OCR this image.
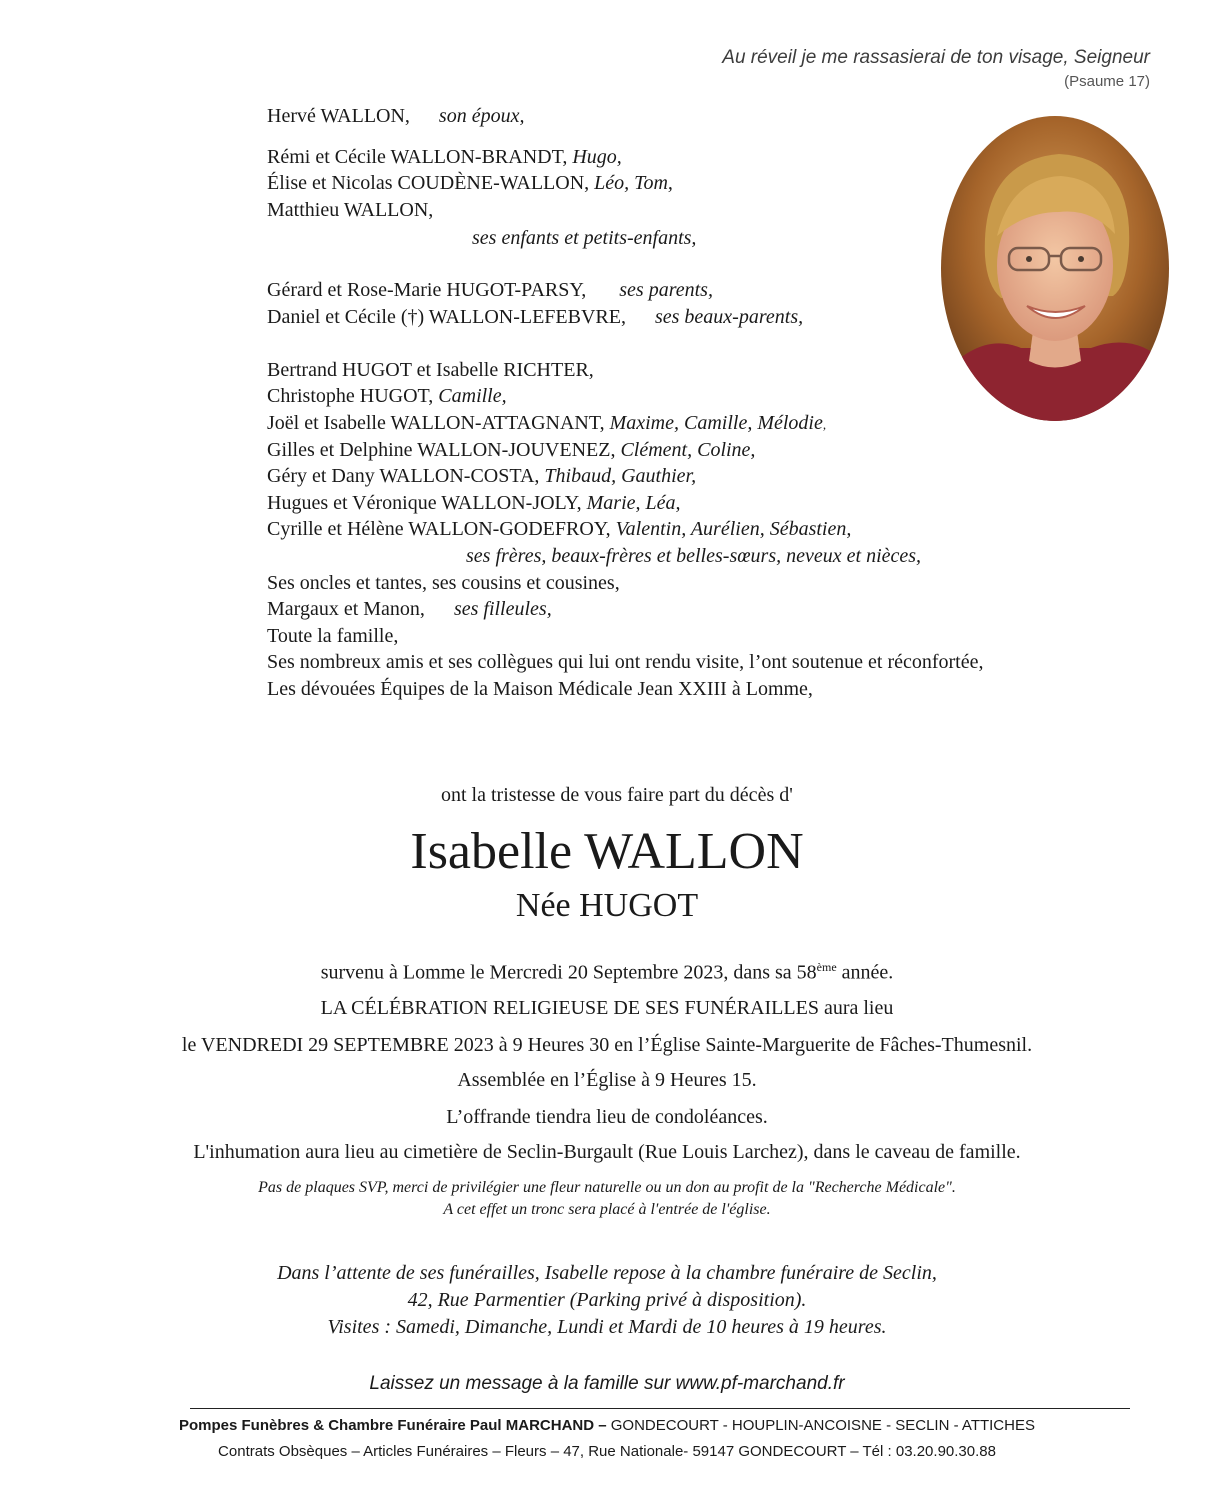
Au réveil je me rassasierai de ton visage, Seigneur
(Psaume 17)
Hervé WALLON, son époux,
Rémi et Cécile WALLON-BRANDT, Hugo,
Élise et Nicolas COUDÈNE-WALLON, Léo, Tom,
Matthieu WALLON,
ses enfants et petits-enfants,
Gérard et Rose-Marie HUGOT-PARSY, ses parents,
Daniel et Cécile (†) WALLON-LEFEBVRE, ses beaux-parents,
Bertrand HUGOT et Isabelle RICHTER,
Christophe HUGOT, Camille,
Joël et Isabelle WALLON-ATTAGNANT, Maxime, Camille, Mélodie,
Gilles et Delphine WALLON-JOUVENEZ, Clément, Coline,
Géry et Dany WALLON-COSTA, Thibaud, Gauthier,
Hugues et Véronique WALLON-JOLY, Marie, Léa,
Cyrille et Hélène WALLON-GODEFROY, Valentin, Aurélien, Sébastien,
ses frères, beaux-frères et belles-sœurs, neveux et nièces,
Ses oncles et tantes, ses cousins et cousines,
Margaux et Manon, ses filleules,
Toute la famille,
Ses nombreux amis et ses collègues qui lui ont rendu visite, l’ont soutenue et réconfortée,
Les dévouées Équipes de la Maison Médicale Jean XXIII à Lomme,
ont la tristesse de vous faire part du décès d'
Isabelle WALLON
Née HUGOT
survenu à Lomme le Mercredi 20 Septembre 2023, dans sa 58ème année.
LA CÉLÉBRATION RELIGIEUSE DE SES FUNÉRAILLES aura lieu
le VENDREDI 29 SEPTEMBRE 2023 à 9 Heures 30 en l’Église Sainte-Marguerite de Fâches-Thumesnil.
Assemblée en l’Église à 9 Heures 15.
L’offrande tiendra lieu de condoléances.
L'inhumation aura lieu au cimetière de Seclin-Burgault (Rue Louis Larchez), dans le caveau de famille.
Pas de plaques SVP, merci de privilégier une fleur naturelle ou un don au profit de la "Recherche Médicale".
A cet effet un tronc sera placé à l'entrée de l'église.
Dans l’attente de ses funérailles, Isabelle repose à la chambre funéraire de Seclin,
42, Rue Parmentier (Parking privé à disposition).
Visites : Samedi, Dimanche, Lundi et Mardi de 10 heures à 19 heures.
Laissez un message à la famille sur www.pf-marchand.fr
Pompes Funèbres & Chambre Funéraire Paul MARCHAND – GONDECOURT - HOUPLIN-ANCOISNE - SECLIN - ATTICHES
Contrats Obsèques – Articles Funéraires – Fleurs – 47, Rue Nationale- 59147 GONDECOURT – Tél : 03.20.90.30.88
